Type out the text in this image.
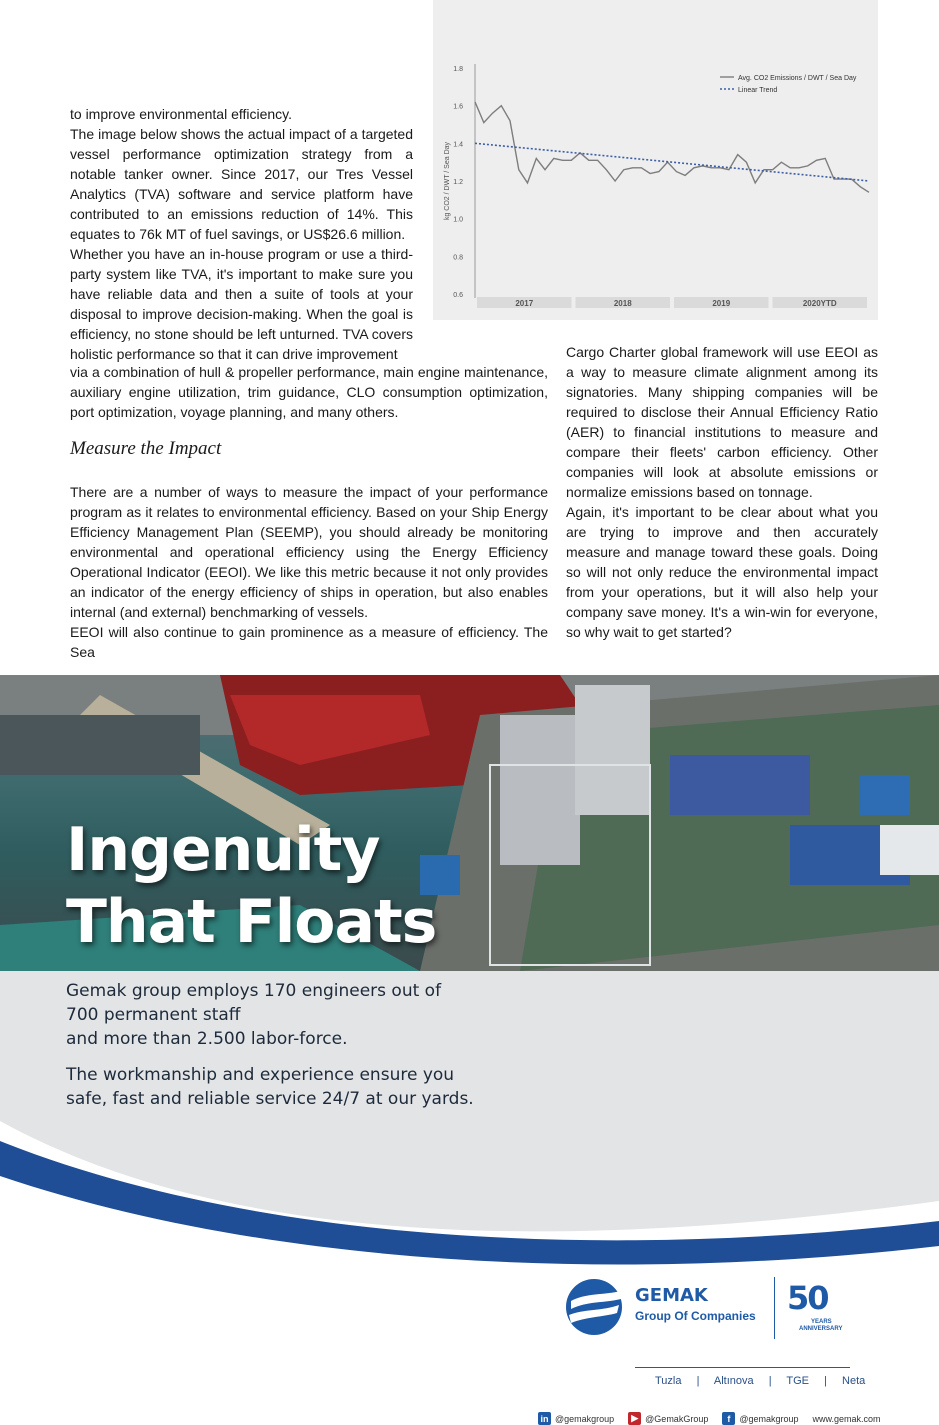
to improve environmental efficiency.

The image below shows the actual impact of a targeted vessel performance optimization strategy from a notable tanker owner. Since 2017, our Tres Vessel Analytics (TVA) software and service platform have contributed to an emissions reduction of 14%. This equates to 76k MT of fuel savings, or US$26.6 million.

Whether you have an in-house program or use a third-party system like TVA, it's important to make sure you have reliable data and then a suite of tools at your disposal to improve decision-making. When the goal is efficiency, no stone should be left unturned. TVA covers holistic performance so that it can drive improvement

via a combination of hull & propeller performance, main engine maintenance, auxiliary engine utilization, trim guidance, CLO consumption optimization, port optimization, voyage planning, and many others.

Measure the Impact

There are a number of ways to measure the impact of your performance program as it relates to environmental efficiency. Based on your Ship Energy Efficiency Management Plan (SEEMP), you should already be monitoring environmental and operational efficiency using the Energy Efficiency Operational Indicator (EEOI). We like this metric because it not only provides an indicator of the energy efficiency of ships in operation, but also enables internal (and external) benchmarking of vessels.

EEOI will also continue to gain prominence as a measure of efficiency. The Sea

Cargo Charter global framework will use EEOI as a way to measure climate alignment among its signatories. Many shipping companies will be required to disclose their Annual Efficiency Ratio (AER) to financial institutions to measure and compare their fleets' carbon efficiency. Other companies will look at absolute emissions or normalize emissions based on tonnage.

Again, it's important to be clear about what you are trying to improve and then accurately measure and manage toward these goals. Doing so will not only reduce the environmental impact from your operations, but it will also help your company save money. It's a win-win for everyone, so why wait to get started?

1.8
1.6
1.4
1.2
1.0
0.8
0.6
kg CO2 / DWT / Sea Day
2017	2018	2019	2020YTD
Avg. CO2 Emissions / DWT / Sea Day
Linear Trend
Ingenuity
That Floats
Gemak group employs 170 engineers out of
700 permanent staff
and more than 2.500 labor-force.
The workmanship and experience ensure you
safe, fast and reliable service 24/7 at our yards.
GEMAK
Group Of Companies 50
YEARS
ANNIVERSARY
Tuzla | Altınova | TGE | Neta
in @gemakgroup	▶ @GemakGroup	f	@gemakgroup www.gemak.com
